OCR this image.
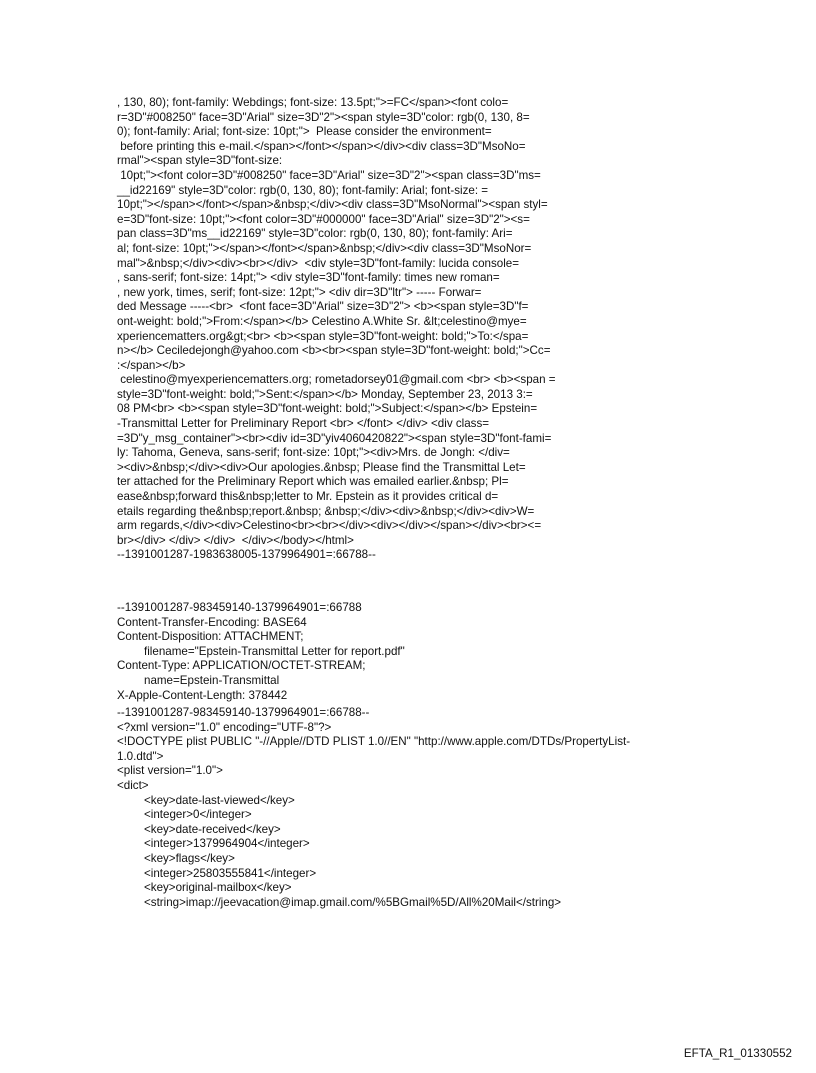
, 130, 80); font-family: Webdings; font-size: 13.5pt;">=FC</span><font colo=
r=3D"#008250" face=3D"Arial" size=3D"2"><span style=3D"color: rgb(0, 130, 8=
0); font-family: Arial; font-size: 10pt;">  Please consider the environment=
before printing this e-mail.</span></font></span></div><div class=3D"MsoNo=
rmal"><span style=3D"font-size:
10pt;"><font color=3D"#008250" face=3D"Arial" size=3D"2"><span class=3D"ms=
__id22169" style=3D"color: rgb(0, 130, 80); font-family: Arial; font-size: =
10pt;"></span></font></span>&nbsp;</div><div class=3D"MsoNormal"><span styl=
e=3D"font-size: 10pt;"><font color=3D"#000000" face=3D"Arial" size=3D"2"><s=
pan class=3D"ms__id22169" style=3D"color: rgb(0, 130, 80); font-family: Ari=
al; font-size: 10pt;"></span></font></span>&nbsp;</div><div class=3D"MsoNor=
mal">&nbsp;</div><div><br></div>  <div style=3D"font-family: lucida console=
, sans-serif; font-size: 14pt;"> <div style=3D"font-family: times new roman=
, new york, times, serif; font-size: 12pt;"> <div dir=3D"ltr"> ----- Forwar=
ded Message -----<br>  <font face=3D"Arial" size=3D"2"> <b><span style=3D"f=
ont-weight: bold;">From:</span></b> Celestino A.White Sr. &lt;celestino@mye=
xperiencematters.org&gt;<br> <b><span style=3D"font-weight: bold;">To:</spa=
n></b> Ceciledejongh@yahoo.com <b><br><span style=3D"font-weight: bold;">Cc=
:</span></b>
celestino@myexperiencematters.org; rometadorsey01@gmail.com <br> <b><span =
style=3D"font-weight: bold;">Sent:</span></b> Monday, September 23, 2013 3:=
08 PM<br> <b><span style=3D"font-weight: bold;">Subject:</span></b> Epstein=
-Transmittal Letter for Preliminary Report <br> </font> </div> <div class=
=3D"y_msg_container"><br><div id=3D"yiv4060420822"><span style=3D"font-fami=
ly: Tahoma, Geneva, sans-serif; font-size: 10pt;"><div>Mrs. de Jongh: </div=
><div>&nbsp;</div><div>Our apologies.&nbsp; Please find the Transmittal Let=
ter attached for the Preliminary Report which was emailed earlier.&nbsp; Pl=
ease&nbsp;forward this&nbsp;letter to Mr. Epstein as it provides critical d=
etails regarding the&nbsp;report.&nbsp; &nbsp;</div><div>&nbsp;</div><div>W=
arm regards,</div><div>Celestino<br><br></div><div></div></span></div><br><=
br></div> </div> </div>  </div></body></html>
--1391001287-1983638005-1379964901=:66788--
--1391001287-983459140-1379964901=:66788
Content-Transfer-Encoding: BASE64
Content-Disposition: ATTACHMENT;
filename="Epstein-Transmittal Letter for report.pdf"
Content-Type: APPLICATION/OCTET-STREAM;
name=Epstein-Transmittal
X-Apple-Content-Length: 378442
--1391001287-983459140-1379964901=:66788--
<?xml version="1.0" encoding="UTF-8"?>
<!DOCTYPE plist PUBLIC "-//Apple//DTD PLIST 1.0//EN" "http://www.apple.com/DTDs/PropertyList-
1.0.dtd">
<plist version="1.0">
<dict>
<key>date-last-viewed</key>
<integer>0</integer>
<key>date-received</key>
<integer>1379964904</integer>
<key>flags</key>
<integer>25803555841</integer>
<key>original-mailbox</key>
<string>imap://jeevacation@imap.gmail.com/%5BGmail%5D/All%20Mail</string>
EFTA_R1_01330552
